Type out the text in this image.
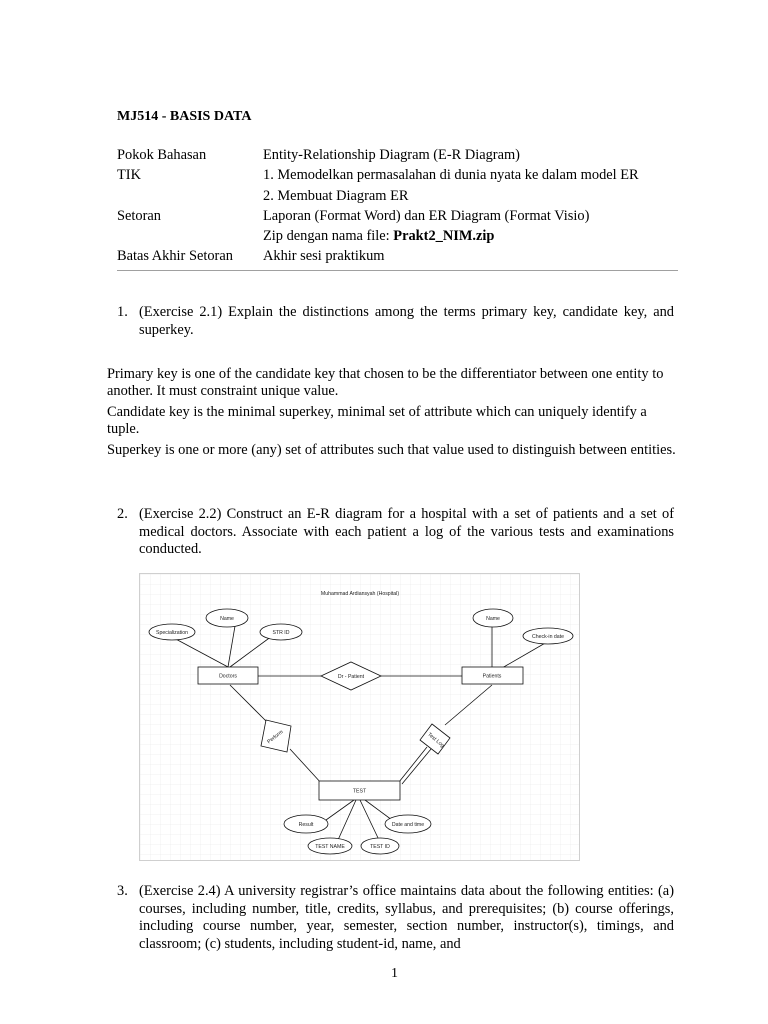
MJ514 - BASIS DATA
Pokok Bahasan	Entity-Relationship Diagram (E-R Diagram)
TIK	1. Memodelkan permasalahan di dunia nyata ke dalam model ER
2. Membuat Diagram ER
Setoran	Laporan (Format Word) dan ER Diagram (Format Visio)
Zip dengan nama file: Prakt2_NIM.zip
Batas Akhir Setoran	Akhir sesi praktikum
1. (Exercise 2.1) Explain the distinctions among the terms primary key, candidate key, and superkey.

Primary key is one of the candidate key that chosen to be the differentiator between one entity to another. It must constraint unique value.

Candidate key is the minimal superkey, minimal set of attribute which can uniquely identify a tuple.

Superkey is one or more (any) set of attributes such that value used to distinguish between entities.

2. (Exercise 2.2) Construct an E-R diagram for a hospital with a set of patients and a set of medical doctors. Associate with each patient a log of the various tests and examinations conducted.
Muhammad Ardiansyah (Hospital)
Specialization
Name
STR ID
Name
Check-in date
Doctors	Patients
TEST
Dr - Patient
Perform	Test Log
Result	Date and time
TEST NAME	TEST ID
3. (Exercise 2.4) A university registrar’s office maintains data about the following entities: (a) courses, including number, title, credits, syllabus, and prerequisites; (b) course offerings, including course number, year, semester, section number, instructor(s), timings, and classroom; (c) students, including student-id, name, and
1
